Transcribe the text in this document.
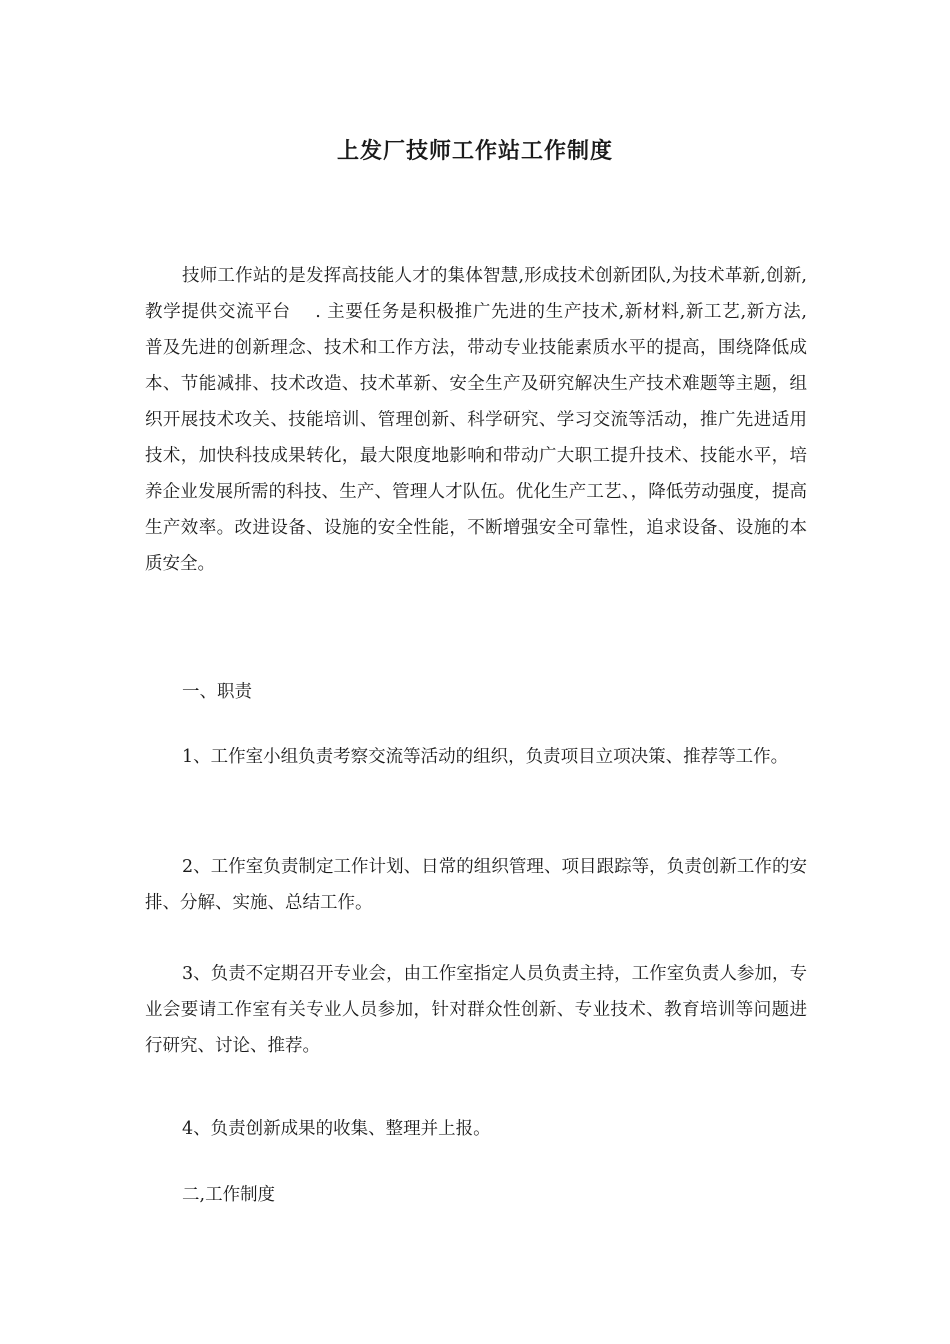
上发厂技师工作站工作制度

技师工作站的是发挥高技能人才的集体智慧,形成技术创新团队,为技术革新,创新,教学提供交流平台　 . 主要任务是积极推广先进的生产技术,新材料,新工艺,新方法,　 普及先进的创新理念、技术和工作方法，带动专业技能素质水平的提高，围绕降低成本、节能减排、技术改造、技术革新、安全生产及研究解决生产技术难题等主题，组织开展技术攻关、技能培训、管理创新、科学研究、学习交流等活动，推广先进适用技术，加快科技成果转化，最大限度地影响和带动广大职工提升技术、技能水平，培养企业发展所需的科技、生产、管理人才队伍。优化生产工艺、，降低劳动强度，提高生产效率。改进设备、设施的安全性能，不断增强安全可靠性，追求设备、设施的本质安全。

一、职责

1、工作室小组负责考察交流等活动的组织，负责项目立项决策、推荐等工作。

2、工作室负责制定工作计划、日常的组织管理、项目跟踪等，负责创新工作的安排、分解、实施、总结工作。

3、负责不定期召开专业会，由工作室指定人员负责主持，工作室负责人参加，专业会要请工作室有关专业人员参加，针对群众性创新、专业技术、教育培训等问题进行研究、讨论、推荐。

4、负责创新成果的收集、整理并上报。

二,工作制度
